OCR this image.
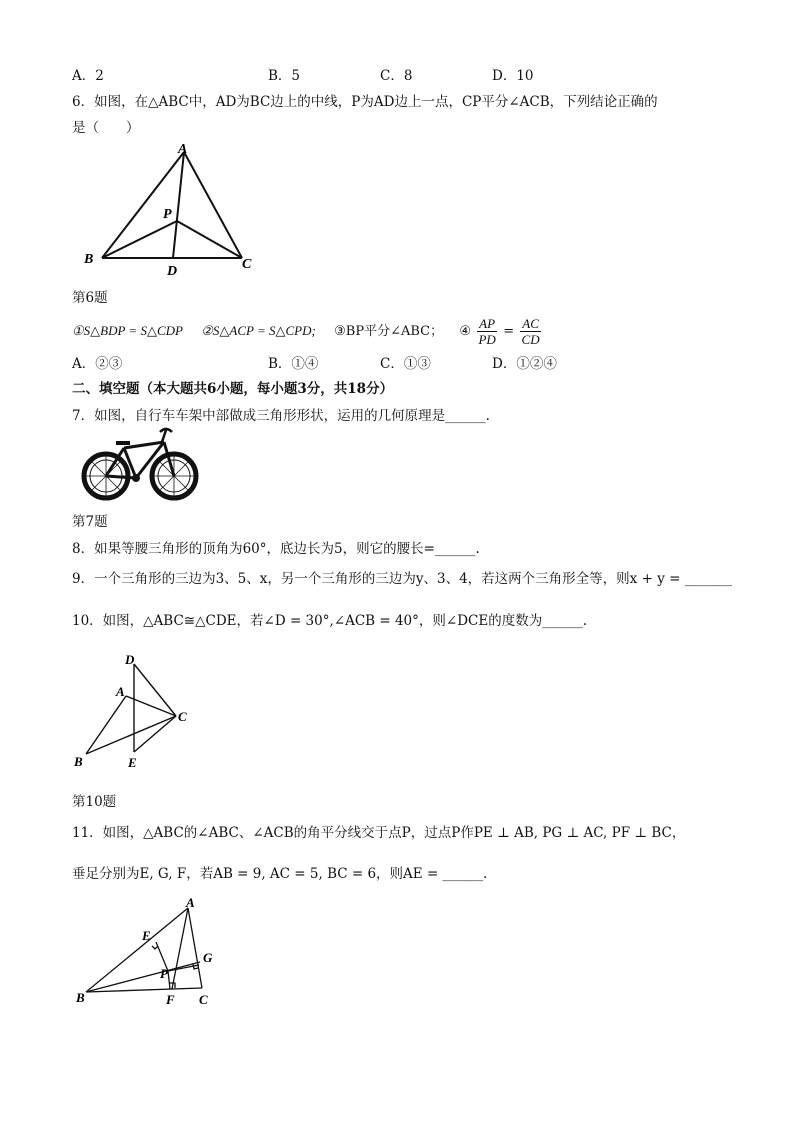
A．2	B．5	C．8	D．10
6．如图，在△ABC中，AD为BC边上的中线，P为AD边上一点，CP平分∠ACB，下列结论正确的
是（　　）
A
B	C
D
P
第6题
①S△BDP = S△CDP ②S△ACP = S△CPD; ③BP平分∠ABC； ④ $\frac{AP}{PD} = \frac{AC}{CD}$
A．②③	B．①④	C．①③	D．①②④
二、填空题（本大题共6小题，每小题3分，共18分）
7．如图，自行车车架中部做成三角形形状，运用的几何原理是______.
第7题
8．如果等腰三角形的顶角为60°，底边长为5，则它的腰长=______.
9．一个三角形的三边为3、5、x，另一个三角形的三边为y、3、4，若这两个三角形全等，则x + y = _______
10．如图，△ABC≅△CDE，若∠D = 30°,∠ACB = 40°，则∠DCE的度数为______.
D
A
C
B	E
第10题
11．如图，△ABC的∠ABC、∠ACB的角平分线交于点P，过点P作PE ⊥ AB, PG ⊥ AC, PF ⊥ BC，
垂足分别为E, G, F，若AB = 9, AC = 5, BC = 6，则AE = ______.
A
E
G
P
B	F C
